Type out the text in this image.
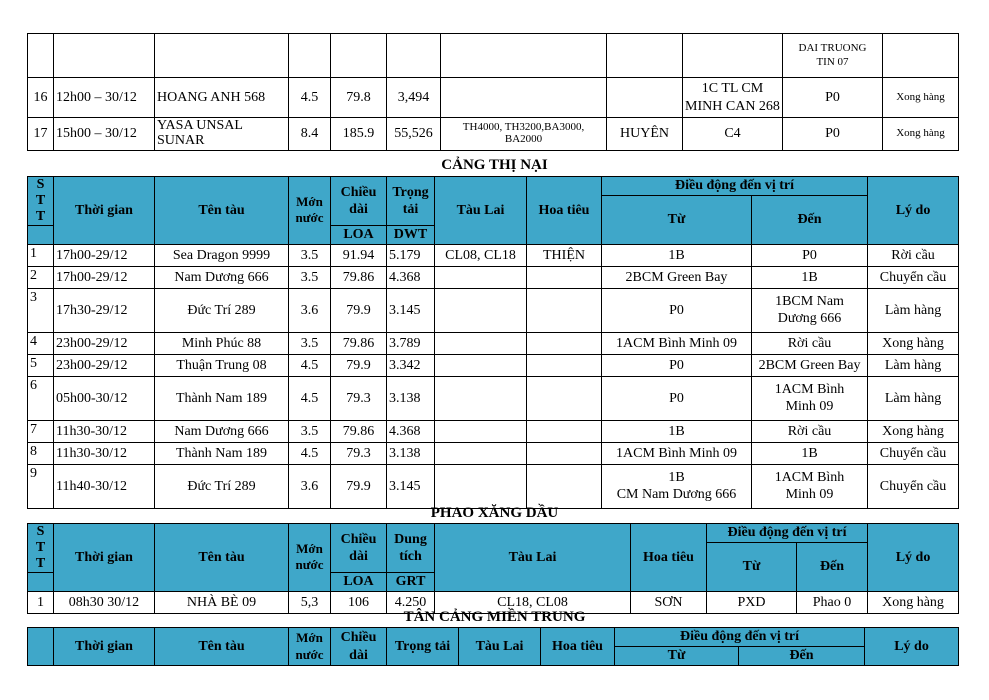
									DAI TRUONG
TIN 07	
16	12h00 – 30/12	HOANG ANH 568	4.5	79.8	3,494			1C TL CM
MINH CAN 268	P0	Xong hàng
17	15h00 – 30/12	YASA UNSAL SUNAR	8.4	185.9	55,526	TH4000, TH3200,BA3000, BA2000	HUYÊN	C4	P0	Xong hàng
CẢNG THỊ NẠI
S
T
T	Thời gian	Tên tàu	Mớn nước	Chiều dài	Trọng tải	Tàu Lai	Hoa tiêu	Điều động đến vị trí		Lý do
								Từ	Đến	
				LOA	DWT					
1	17h00-29/12	Sea Dragon 9999	3.5	91.94	5.179	CL08, CL18	THIỆN	1B	P0	Rời cầu
2	17h00-29/12	Nam Dương 666	3.5	79.86	4.368			2BCM Green Bay	1B	Chuyển cầu
3	17h30-29/12	Đức Trí 289	3.6	79.9	3.145			P0	1BCM Nam
Dương 666	Làm hàng
4	23h00-29/12	Minh Phúc 88	3.5	79.86	3.789			1ACM Bình Minh 09	Rời cầu	Xong hàng
5	23h00-29/12	Thuận Trung 08	4.5	79.9	3.342			P0	2BCM Green Bay	Làm hàng
6	05h00-30/12	Thành Nam 189	4.5	79.3	3.138			P0	1ACM Bình
Minh 09	Làm hàng
7	11h30-30/12	Nam Dương 666	3.5	79.86	4.368			1B	Rời cầu	Xong hàng
8	11h30-30/12	Thành Nam 189	4.5	79.3	3.138			1ACM Bình Minh 09	1B	Chuyển cầu
9	11h40-30/12	Đức Trí 289	3.6	79.9	3.145			1B
CM Nam Dương 666	1ACM Bình
Minh 09	Chuyển cầu
PHAO XĂNG DẦU
S
T
T	Thời gian	Tên tàu	Mớn nước	Chiều dài	Dung tích	Tàu Lai	Hoa tiêu	Điều động đến vị trí		Lý do
								Từ	Đến	
				LOA	GRT					
1	08h30 30/12	NHÀ BÈ 09	5,3	106	4.250	CL18, CL08	SƠN	PXD	Phao 0	Xong hàng
TÂN CẢNG MIỀN TRUNG
	Thời gian	Tên tàu	Mớn nước	Chiều dài	Trọng tải	Tàu Lai	Hoa tiêu	Điều động đến vị trí		Lý do
								Từ	Đến	
